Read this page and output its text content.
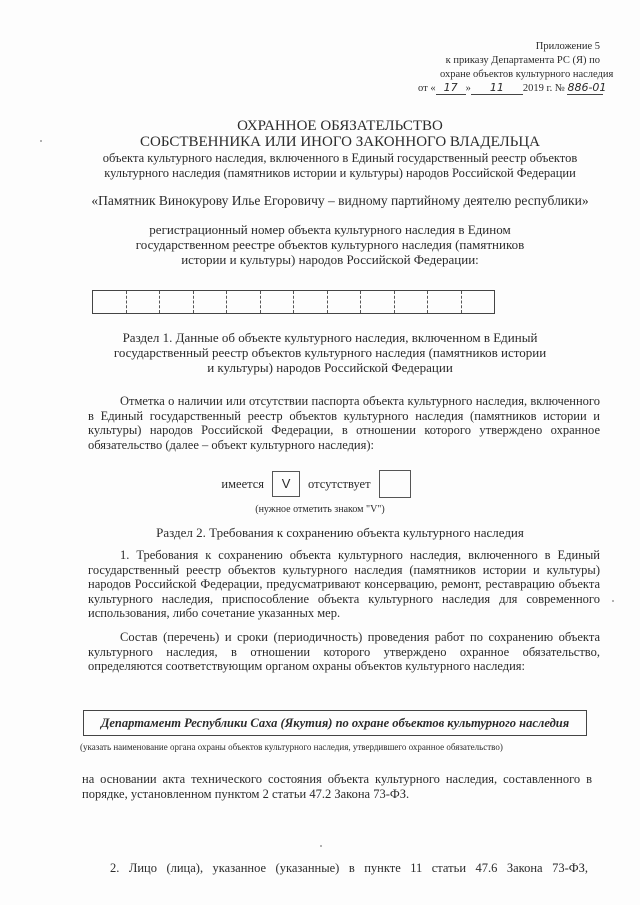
Приложение 5
к приказу Департамента РС (Я) по
охране объектов культурного наследия
от « 17 » 11 2019 г. № 886-01
ОХРАННОЕ ОБЯЗАТЕЛЬСТВО
СОБСТВЕННИКА ИЛИ ИНОГО ЗАКОННОГО ВЛАДЕЛЬЦА
объекта культурного наследия, включенного в Единый государственный реестр объектов культурного наследия (памятников истории и культуры) народов Российской Федерации
«Памятник Винокурову Илье Егоровичу – видному партийному деятелю республики»
регистрационный номер объекта культурного наследия в Едином государственном реестре объектов культурного наследия (памятников истории и культуры) народов Российской Федерации:
Раздел 1. Данные об объекте культурного наследия, включенном в Единый государственный реестр объектов культурного наследия (памятников истории и культуры) народов Российской Федерации
Отметка о наличии или отсутствии паспорта объекта культурного наследия, включенного в Единый государственный реестр объектов культурного наследия (памятников истории и культуры) народов Российской Федерации, в отношении которого утверждено охранное обязательство (далее – объект культурного наследия):
имеется	V	отсутствует
(нужное отметить знаком "V")
Раздел 2. Требования к сохранению объекта культурного наследия
1. Требования к сохранению объекта культурного наследия, включенного в Единый государственный реестр объектов культурного наследия (памятников истории и культуры) народов Российской Федерации, предусматривают консервацию, ремонт, реставрацию объекта культурного наследия, приспособление объекта культурного наследия для современного использования, либо сочетание указанных мер.
Состав (перечень) и сроки (периодичность) проведения работ по сохранению объекта культурного наследия, в отношении которого утверждено охранное обязательство, определяются соответствующим органом охраны объектов культурного наследия:
Департамент Республики Саха (Якутия) по охране объектов культурного наследия
(указать наименование органа охраны объектов культурного наследия, утвердившего охранное обязательство)
на основании акта технического состояния объекта культурного наследия, составленного в порядке, установленном пунктом 2 статьи 47.2 Закона 73-ФЗ.
2. Лицо (лица), указанное (указанные) в пункте 11 статьи 47.6 Закона 73-ФЗ,
